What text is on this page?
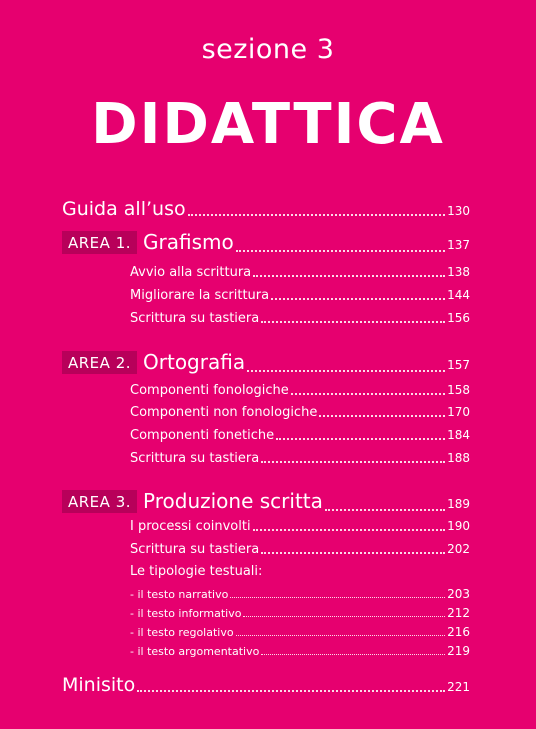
sezione 3
DIDATTICA
Guida all’uso	130
AREA 1. Grafismo	137
Avvio alla scrittura	138
Migliorare la scrittura	144
Scrittura su tastiera	156
AREA 2. Ortografia	157
Componenti fonologiche	158
Componenti non fonologiche	170
Componenti fonetiche	184
Scrittura su tastiera	188
AREA 3. Produzione scritta	189
I processi coinvolti	190
Scrittura su tastiera	202
Le tipologie testuali:
- il testo narrativo	203
- il testo informativo	212
- il testo regolativo	216
- il testo argomentativo	219
Minisito	221
